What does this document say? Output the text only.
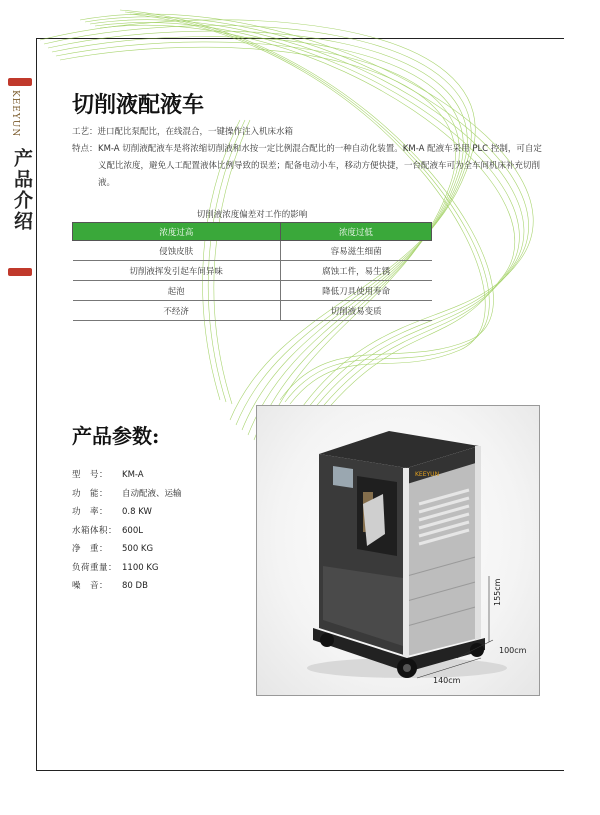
KEEYUN
产品介绍
切削液配液车
工艺：进口配比泵配比，在线混合，一键操作注入机床水箱
特点： KM-A 切削液配液车是将浓缩切削液和水按一定比例混合配比的一种自动化装置。KM-A 配液车采用 PLC 控制，可自定义配比浓度，避免人工配置液体比例导致的误差；配备电动小车，移动方便快捷，一台配液车可为全车间机床补充切削液。
切削液浓度偏差对工作的影响
浓度过高	浓度过低
侵蚀皮肤	容易滋生细菌
切削液挥发引起车间异味	腐蚀工件，易生锈
起泡	降低刀具使用寿命
不经济	切削液易变质
产品参数:
型　号： KM-A
功　能： 自动配液、运输
功　率： 0.8 KW
水箱体积： 600L
净　重： 500 KG
负荷重量： 1100 KG
噪　音： 80 DB
KEEYUN
155cm
100cm
140cm
